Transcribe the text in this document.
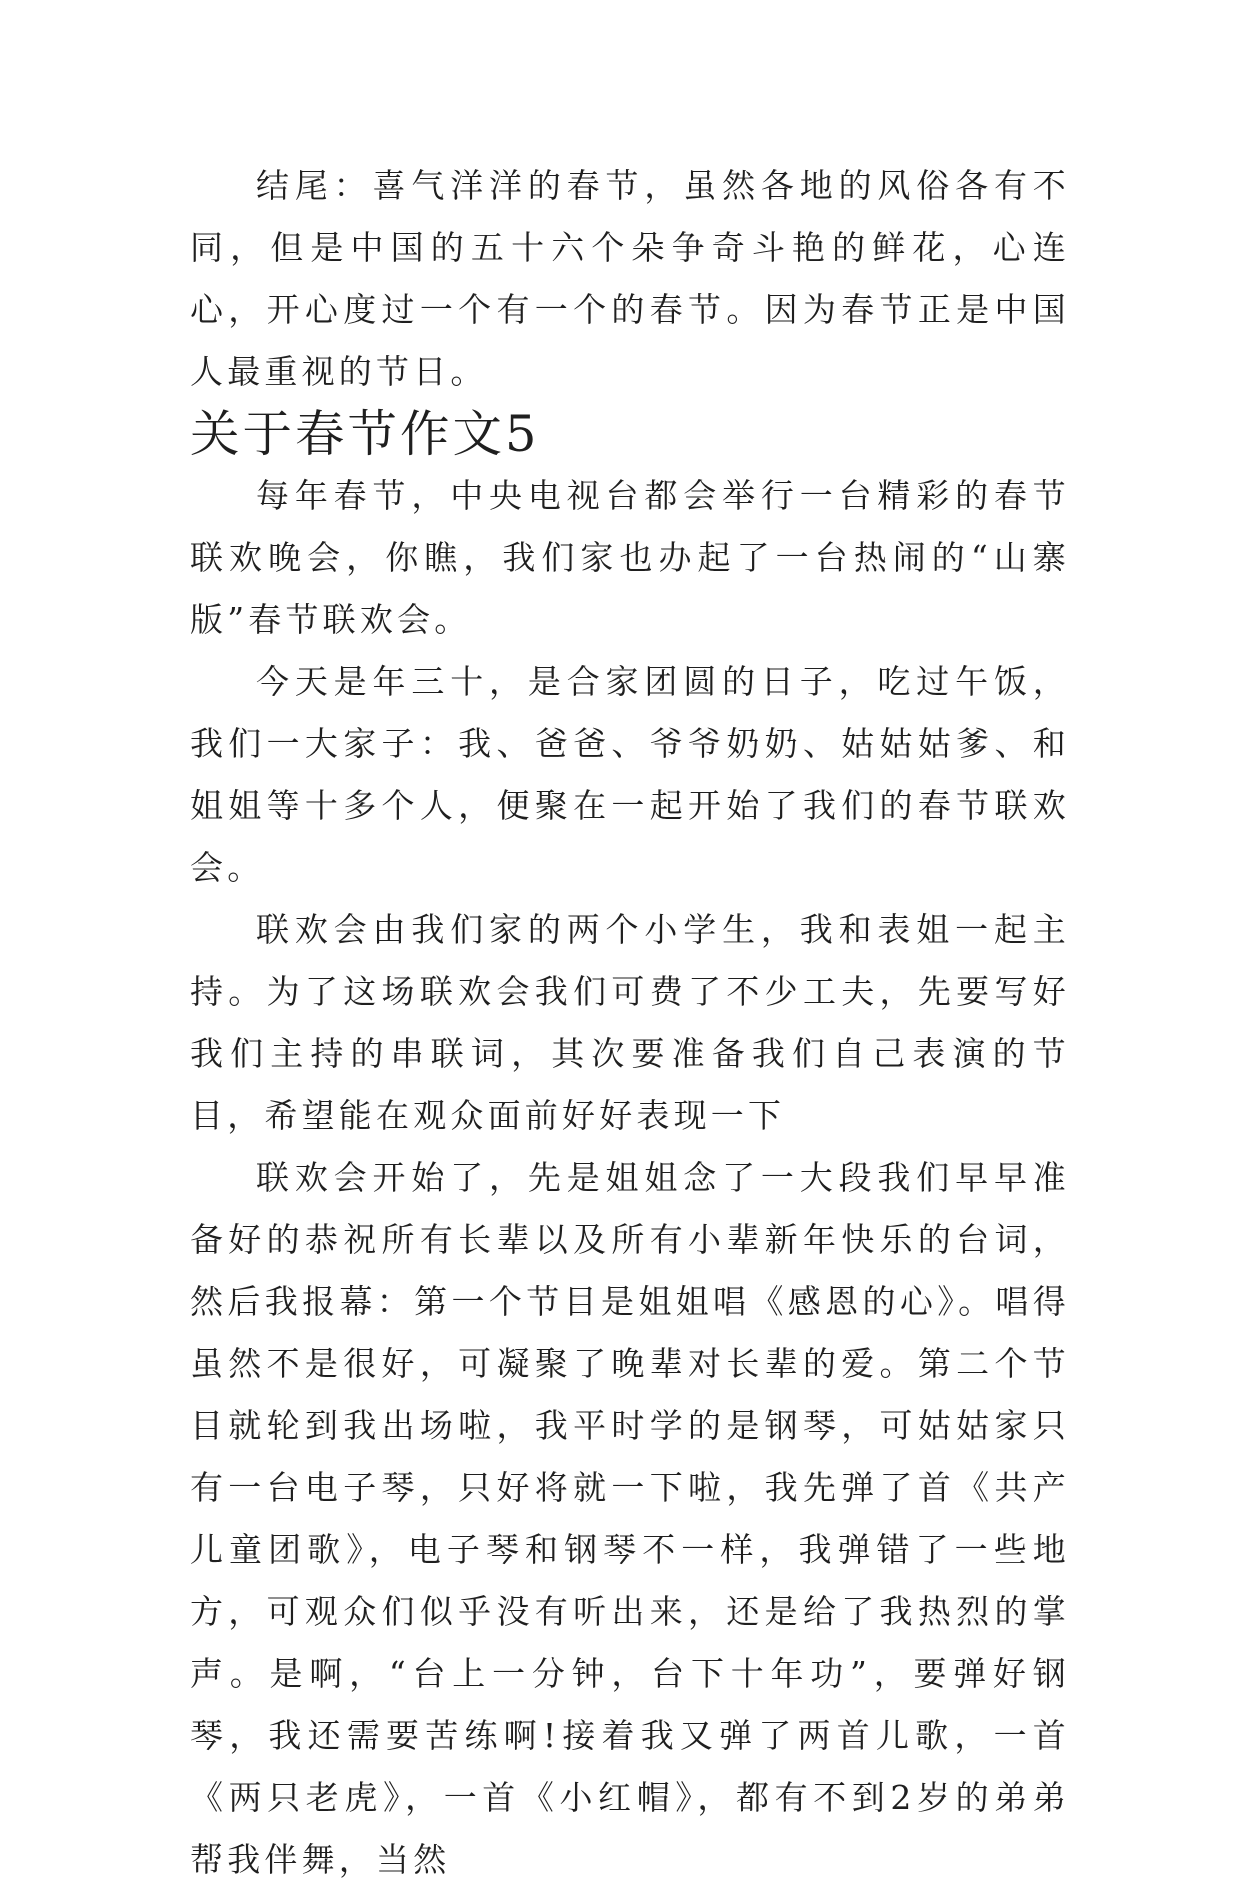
结尾：喜气洋洋的春节，虽然各地的风俗各有不同，但是中国的五十六个朵争奇斗艳的鲜花，心连心，开心度过一个有一个的春节。因为春节正是中国人最重视的节日。

关于春节作文5

每年春节，中央电视台都会举行一台精彩的春节联欢晚会，你瞧，我们家也办起了一台热闹的“山寨版”春节联欢会。

今天是年三十，是合家团圆的日子，吃过午饭，我们一大家子：我、爸爸、爷爷奶奶、姑姑姑爹、和姐姐等十多个人，便聚在一起开始了我们的春节联欢会。

联欢会由我们家的两个小学生，我和表姐一起主持。为了这场联欢会我们可费了不少工夫，先要写好我们主持的串联词，其次要准备我们自己表演的节目，希望能在观众面前好好表现一下

联欢会开始了，先是姐姐念了一大段我们早早准备好的恭祝所有长辈以及所有小辈新年快乐的台词，然后我报幕：第一个节目是姐姐唱《感恩的心》。唱得虽然不是很好，可凝聚了晚辈对长辈的爱。第二个节目就轮到我出场啦，我平时学的是钢琴，可姑姑家只有一台电子琴，只好将就一下啦，我先弹了首《共产儿童团歌》，电子琴和钢琴不一样，我弹错了一些地方，可观众们似乎没有听出来，还是给了我热烈的掌声。是啊，“台上一分钟，台下十年功”，要弹好钢琴，我还需要苦练啊!接着我又弹了两首儿歌，一首《两只老虎》，一首《小红帽》，都有不到2岁的弟弟帮我伴舞，当然
